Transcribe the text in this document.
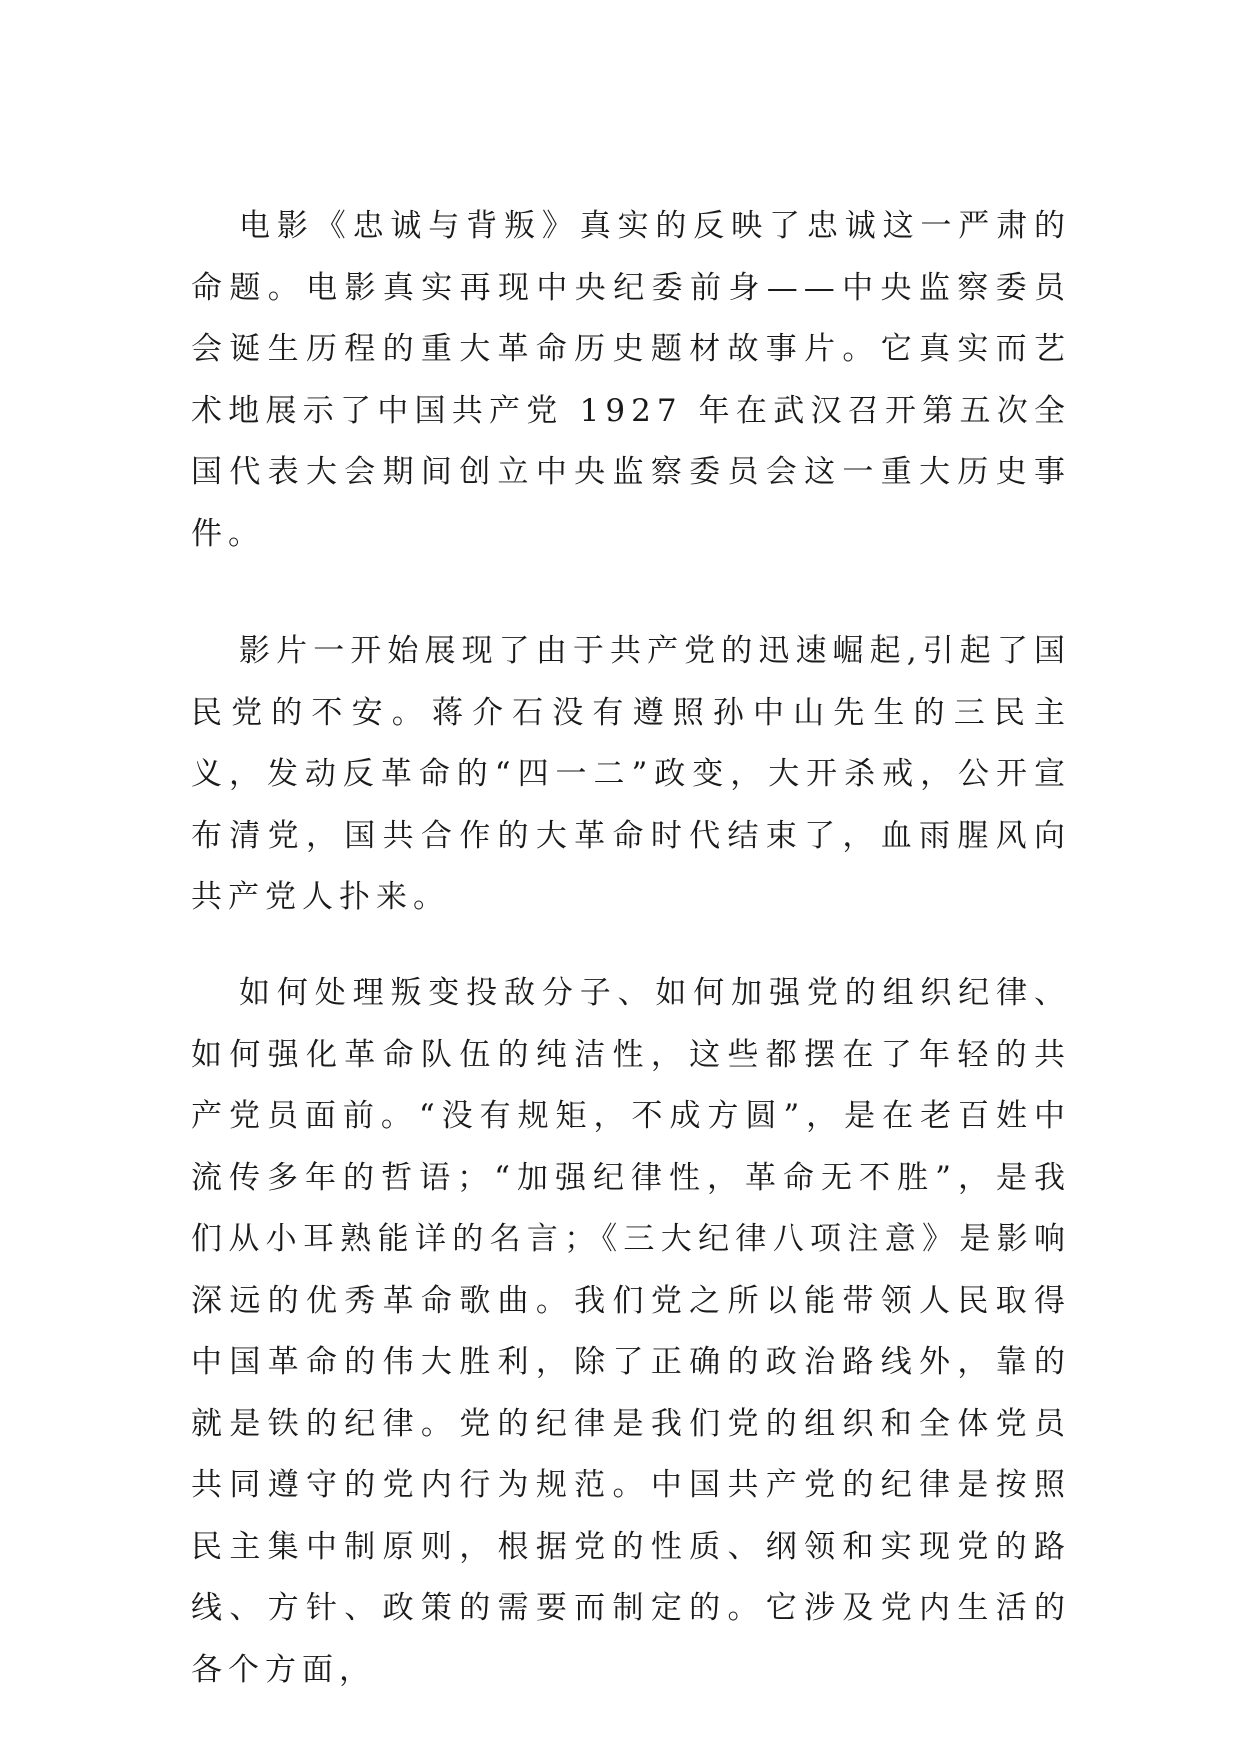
电影《忠诚与背叛》真实的反映了忠诚这一严肃的命题。电影真实再现中央纪委前身——中央监察委员会诞生历程的重大革命历史题材故事片。它真实而艺术地展示了中国共产党 1927 年在武汉召开第五次全国代表大会期间创立中央监察委员会这一重大历史事件。

影片一开始展现了由于共产党的迅速崛起,引起了国民党的不安。蒋介石没有遵照孙中山先生的三民主义，发动反革命的“四一二”政变，大开杀戒，公开宣布清党，国共合作的大革命时代结束了，血雨腥风向共产党人扑来。

如何处理叛变投敌分子、如何加强党的组织纪律、如何强化革命队伍的纯洁性，这些都摆在了年轻的共产党员面前。“没有规矩，不成方圆”，是在老百姓中流传多年的哲语；“加强纪律性，革命无不胜”，是我们从小耳熟能详的名言；《三大纪律八项注意》是影响深远的优秀革命歌曲。我们党之所以能带领人民取得中国革命的伟大胜利，除了正确的政治路线外，靠的就是铁的纪律。党的纪律是我们党的组织和全体党员共同遵守的党内行为规范。中国共产党的纪律是按照民主集中制原则，根据党的性质、纲领和实现党的路线、方针、政策的需要而制定的。它涉及党内生活的各个方面，
